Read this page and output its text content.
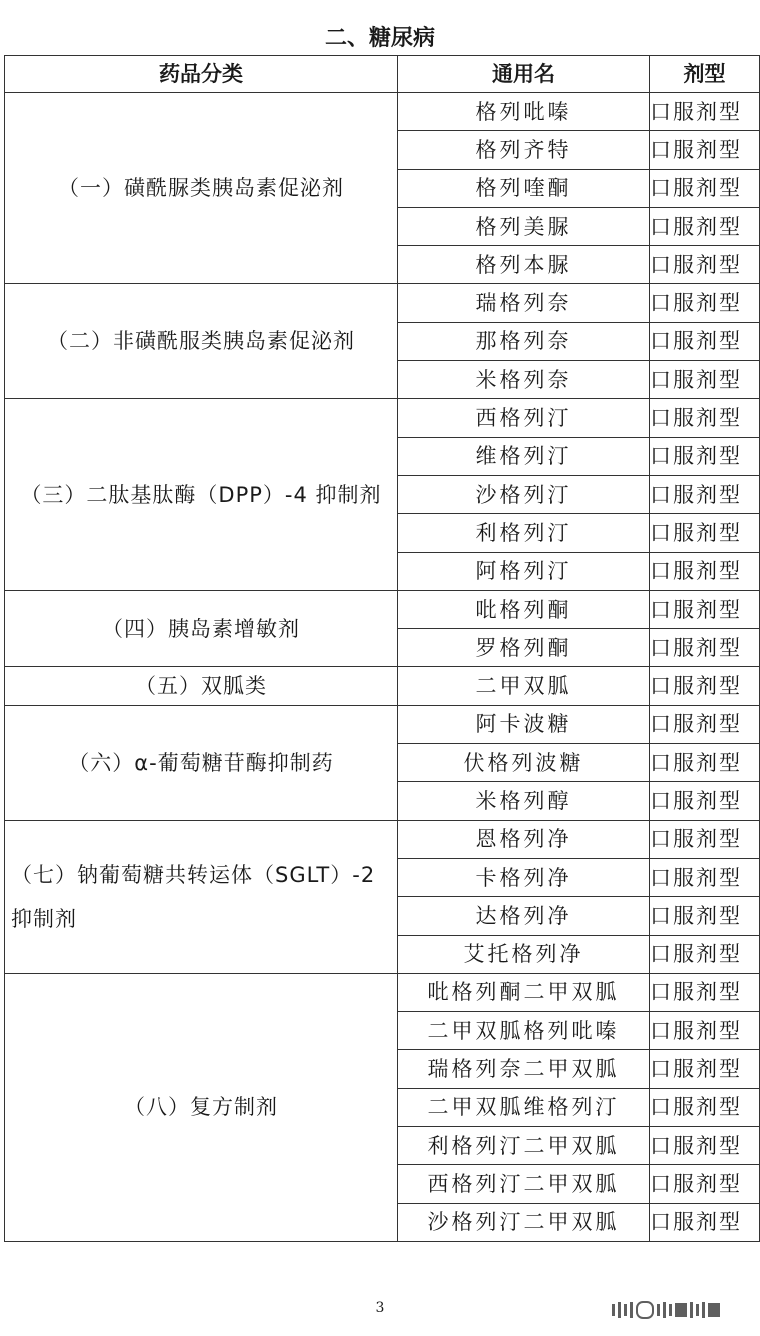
二、糖尿病
药品分类	通用名	剂型
（一）磺酰脲类胰岛素促泌剂	格列吡嗪	口服剂型
	格列齐特	口服剂型
	格列喹酮	口服剂型
	格列美脲	口服剂型
	格列本脲	口服剂型
（二）非磺酰服类胰岛素促泌剂	瑞格列奈	口服剂型
	那格列奈	口服剂型
	米格列奈	口服剂型
（三）二肽基肽酶（DPP）-4 抑制剂	西格列汀	口服剂型
	维格列汀	口服剂型
	沙格列汀	口服剂型
	利格列汀	口服剂型
	阿格列汀	口服剂型
（四）胰岛素增敏剂	吡格列酮	口服剂型
	罗格列酮	口服剂型
（五）双胍类	二甲双胍	口服剂型
（六）α-葡萄糖苷酶抑制药	阿卡波糖	口服剂型
	伏格列波糖	口服剂型
	米格列醇	口服剂型
（七）钠葡萄糖共转运体（SGLT）-2 抑制剂	恩格列净	口服剂型
	卡格列净	口服剂型
	达格列净	口服剂型
	艾托格列净	口服剂型
（八）复方制剂	吡格列酮二甲双胍	口服剂型
	二甲双胍格列吡嗪	口服剂型
	瑞格列奈二甲双胍	口服剂型
	二甲双胍维格列汀	口服剂型
	利格列汀二甲双胍	口服剂型
	西格列汀二甲双胍	口服剂型
	沙格列汀二甲双胍	口服剂型
3
